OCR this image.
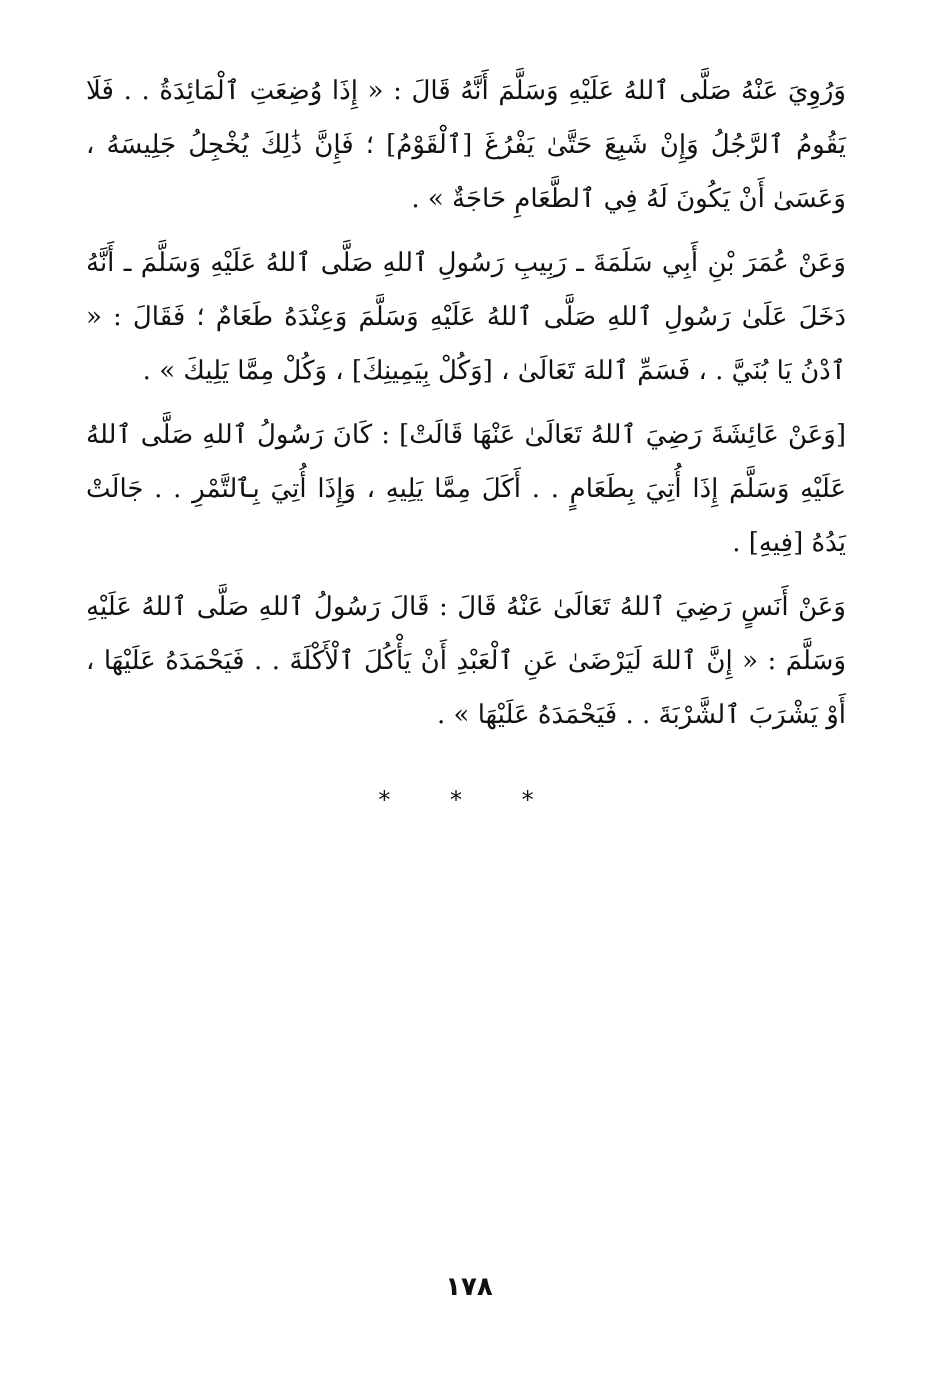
وَرُوِيَ عَنْهُ صَلَّى ٱللهُ عَلَيْهِ وَسَلَّمَ أَنَّهُ قَالَ : « إِذَا وُضِعَتِ ٱلْمَائِدَةُ . . فَلَا يَقُومُ ٱلرَّجُلُ وَإِنْ شَبِعَ حَتَّىٰ يَفْرُغَ [ٱلْقَوْمُ] ؛ فَإِنَّ ذَٰلِكَ يُخْجِلُ جَلِيسَهُ ، وَعَسَىٰ أَنْ يَكُونَ لَهُ فِي ٱلطَّعَامِ حَاجَةٌ » .

وَعَنْ عُمَرَ بْنِ أَبِي سَلَمَةَ ـ رَبِيبِ رَسُولِ ٱللهِ صَلَّى ٱللهُ عَلَيْهِ وَسَلَّمَ ـ أَنَّهُ دَخَلَ عَلَىٰ رَسُولِ ٱللهِ صَلَّى ٱللهُ عَلَيْهِ وَسَلَّمَ وَعِنْدَهُ طَعَامٌ ؛ فَقَالَ : « ٱدْنُ يَا بُنَيَّ . ، فَسَمِّ ٱللهَ تَعَالَىٰ ، [وَكُلْ بِيَمِينِكَ] ، وَكُلْ مِمَّا يَلِيكَ » .

[وَعَنْ عَائِشَةَ رَضِيَ ٱللهُ تَعَالَىٰ عَنْهَا قَالَتْ] : كَانَ رَسُولُ ٱللهِ صَلَّى ٱللهُ عَلَيْهِ وَسَلَّمَ إِذَا أُتِيَ بِطَعَامٍ . . أَكَلَ مِمَّا يَلِيهِ ، وَإِذَا أُتِيَ بِٱلتَّمْرِ . . جَالَتْ يَدُهُ [فِيهِ] .

وَعَنْ أَنَسٍ رَضِيَ ٱللهُ تَعَالَىٰ عَنْهُ قَالَ : قَالَ رَسُولُ ٱللهِ صَلَّى ٱللهُ عَلَيْهِ وَسَلَّمَ : « إِنَّ ٱللهَ لَيَرْضَىٰ عَنِ ٱلْعَبْدِ أَنْ يَأْكُلَ ٱلْأَكْلَةَ . . فَيَحْمَدَهُ عَلَيْهَا ، أَوْ يَشْرَبَ ٱلشَّرْبَةَ . . فَيَحْمَدَهُ عَلَيْهَا » .

* * *
١٧٨
